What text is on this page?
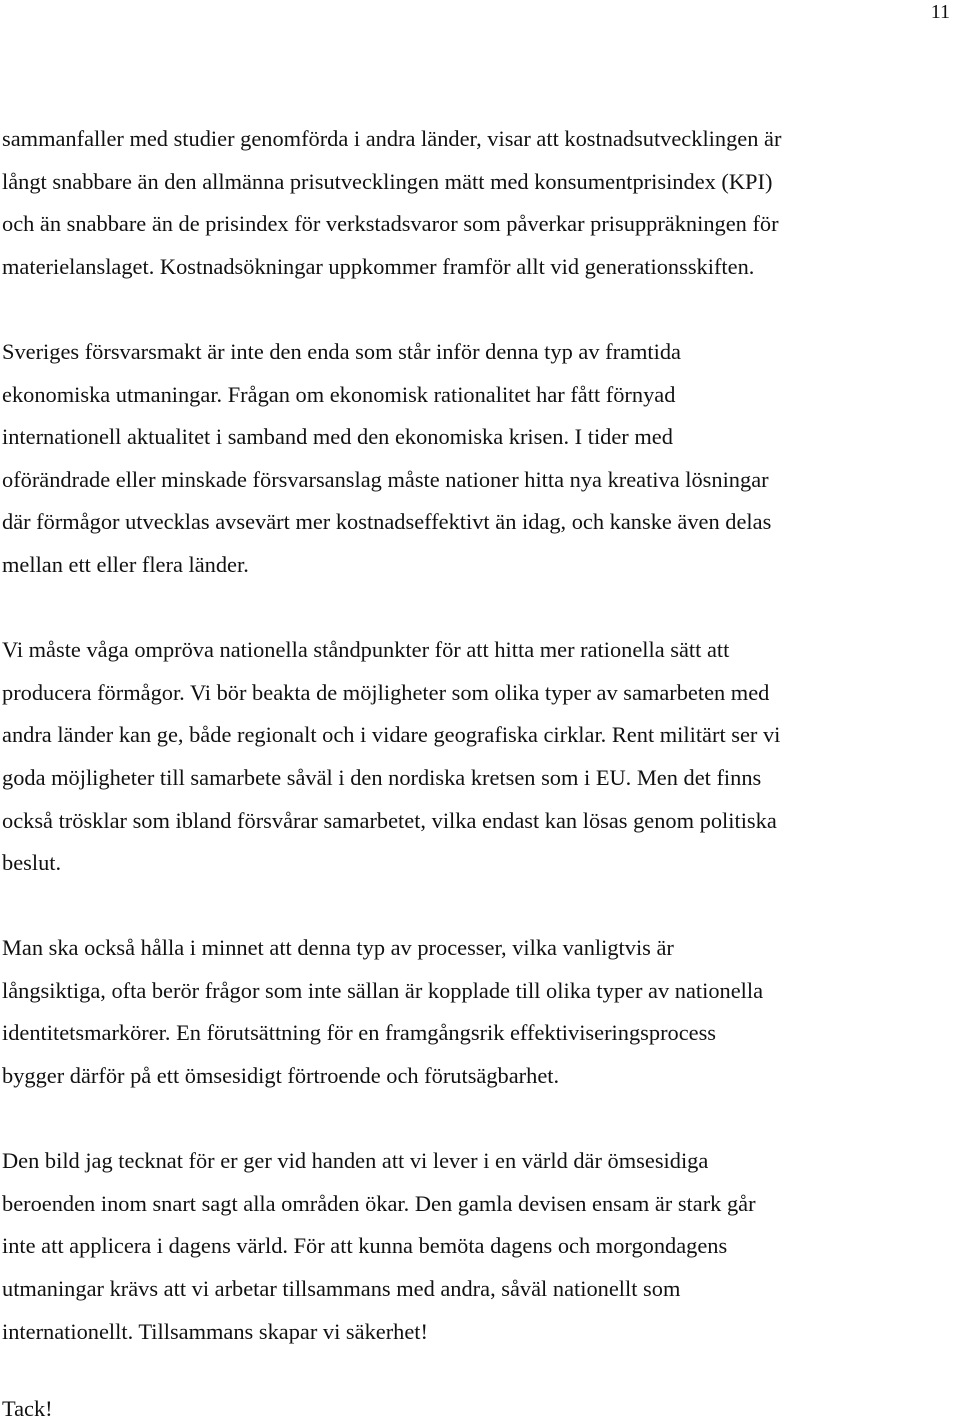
11

sammanfaller med studier genomförda i andra länder, visar att kostnadsutvecklingen är
långt snabbare än den allmänna prisutvecklingen mätt med konsumentprisindex (KPI)
och än snabbare än de prisindex för verkstadsvaror som påverkar prisuppräkningen för
materielanslaget. Kostnadsökningar uppkommer framför allt vid generationsskiften.

Sveriges försvarsmakt är inte den enda som står inför denna typ av framtida
ekonomiska utmaningar. Frågan om ekonomisk rationalitet har fått förnyad
internationell aktualitet i samband med den ekonomiska krisen. I tider med
oförändrade eller minskade försvarsanslag måste nationer hitta nya kreativa lösningar
där förmågor utvecklas avsevärt mer kostnadseffektivt än idag, och kanske även delas
mellan ett eller flera länder.

Vi måste våga ompröva nationella ståndpunkter för att hitta mer rationella sätt att
producera förmågor. Vi bör beakta de möjligheter som olika typer av samarbeten med
andra länder kan ge, både regionalt och i vidare geografiska cirklar. Rent militärt ser vi
goda möjligheter till samarbete såväl i den nordiska kretsen som i EU. Men det finns
också trösklar som ibland försvårar samarbetet, vilka endast kan lösas genom politiska
beslut.

Man ska också hålla i minnet att denna typ av processer, vilka vanligtvis är
långsiktiga, ofta berör frågor som inte sällan är kopplade till olika typer av nationella
identitetsmarkörer. En förutsättning för en framgångsrik effektiviseringsprocess
bygger därför på ett ömsesidigt förtroende och förutsägbarhet.

Den bild jag tecknat för er ger vid handen att vi lever i en värld där ömsesidiga
beroenden inom snart sagt alla områden ökar. Den gamla devisen ensam är stark går
inte att applicera i dagens värld. För att kunna bemöta dagens och morgondagens
utmaningar krävs att vi arbetar tillsammans med andra, såväl nationellt som
internationellt. Tillsammans skapar vi säkerhet!

Tack!
